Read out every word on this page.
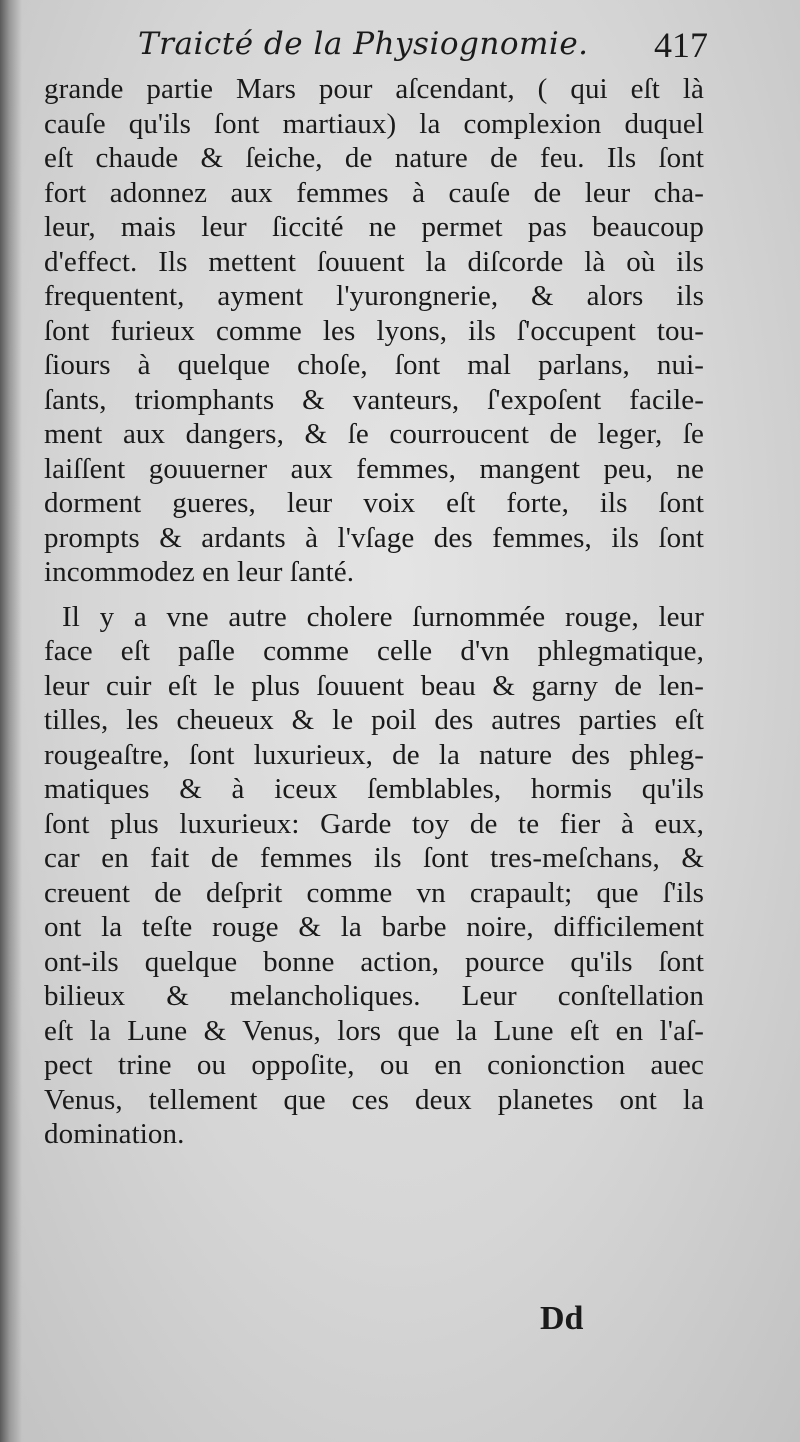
Traicté de la Physiognomie. 417
grande partie Mars pour aſcendant, ( qui eſt là
cauſe qu'ils ſont martiaux) la complexion duquel
eſt chaude & ſeiche, de nature de feu. Ils ſont
fort adonnez aux femmes à cauſe de leur cha-
leur, mais leur ſiccité ne permet pas beaucoup
d'effect. Ils mettent ſouuent la diſcorde là où ils
frequentent, ayment l'yurongnerie, & alors ils
ſont furieux comme les lyons, ils ſ'occupent tou-
ſiours à quelque choſe, ſont mal parlans, nui-
ſants, triomphants & vanteurs, ſ'expoſent facile-
ment aux dangers, & ſe courroucent de leger, ſe
laiſſent gouuerner aux femmes, mangent peu, ne
dorment gueres, leur voix eſt forte, ils ſont
prompts & ardants à l'vſage des femmes, ils ſont
incommodez en leur ſanté.
Il y a vne autre cholere ſurnommée rouge, leur
face eſt paſle comme celle d'vn phlegmatique,
leur cuir eſt le plus ſouuent beau & garny de len-
tilles, les cheueux & le poil des autres parties eſt
rougeaſtre, ſont luxurieux, de la nature des phleg-
matiques & à iceux ſemblables, hormis qu'ils
ſont plus luxurieux: Garde toy de te fier à eux,
car en fait de femmes ils ſont tres-meſchans, &
creuent de deſprit comme vn crapault; que ſ'ils
ont la teſte rouge & la barbe noire, difficilement
ont-ils quelque bonne action, pource qu'ils ſont
bilieux & melancholiques. Leur conſtellation
eſt la Lune & Venus, lors que la Lune eſt en l'aſ-
pect trine ou oppoſite, ou en conionction auec
Venus, tellement que ces deux planetes ont la
domination.
Dd
